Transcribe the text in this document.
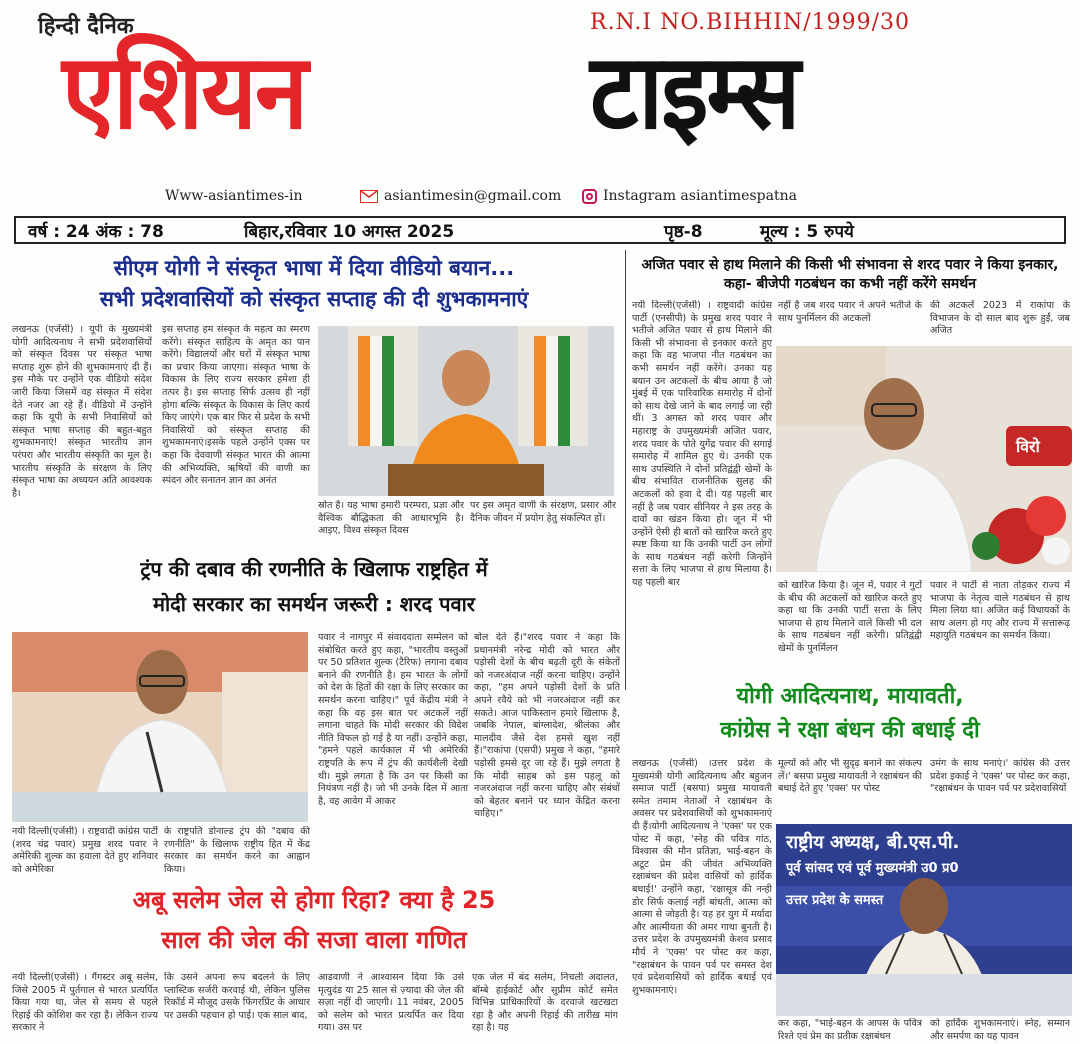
हिन्दी दैनिक	R.N.I NO.BIHHIN/1999/30
एशियन	टाइम्स
Www-asiantimes-in	asiantimesin@gmail.com	Instagram asiantimespatna
वर्ष : 24 अंक : 78	बिहार,रविवार 10 अगस्त 2025	पृष्ठ-8	मूल्य : 5 रुपये
सीएम योगी ने संस्कृत भाषा में दिया वीडियो बयान...
सभी प्रदेशवासियों को संस्कृत सप्ताह की दी शुभकामनाएं
लखनऊ (एजेंसी) । यूपी के मुख्यमंत्री योगी आदित्यनाथ ने सभी प्रदेशवासियों को संस्कृत दिवस पर संस्कृत भाषा सप्ताह शुरू होने की शुभकामनाएं दी हैं। इस मौके पर उन्होंने एक वीडियो संदेश जारी किया जिसमें वह संस्कृत में संदेश देते नजर आ रहे हैं। वीडियो में उन्होंने कहा कि यूपी के सभी निवासियों को संस्कृत भाषा सप्ताह की बहुत-बहुत शुभकामनाएं! संस्कृत भारतीय ज्ञान परंपरा और भारतीय संस्कृति का मूल है। भारतीय संस्कृति के संरक्षण के लिए संस्कृत भाषा का अध्ययन अति आवश्यक है।
इस सप्ताह हम संस्कृत के महत्व का स्मरण करेंगे। संस्कृत साहित्य के अमृत का पान करेंगे। विद्यालयों और घरों में संस्कृत भाषा का प्रचार किया जाएगा। संस्कृत भाषा के विकास के लिए राज्य सरकार हमेशा ही तत्पर है। इस सप्ताह सिर्फ उत्सव ही नहीं होगा बल्कि संस्कृत के विकास के लिए कार्य किए जाएंगे। एक बार फिर से प्रदेश के सभी निवासियों को संस्कृत सप्ताह की शुभकामनाएं।इसके पहले उन्होंने एक्स पर कहा कि देववाणी संस्कृत भारत की आत्मा की अभिव्यक्ति, ऋषियों की वाणी का स्पंदन और सनातन ज्ञान का अनंत
स्रोत है। यह भाषा हमारी परम्परा, प्रज्ञा और वैश्विक बौद्धिकता की आधारभूमि है। आइए, विश्व संस्कृत दिवस
पर इस अमृत वाणी के संरक्षण, प्रसार और दैनिक जीवन में प्रयोग हेतु संकल्पित हों।
अजित पवार से हाथ मिलाने की किसी भी संभावना से शरद पवार ने किया इनकार, कहा- बीजेपी गठबंधन का कभी नहीं करेंगे समर्थन
नयी दिल्ली(एजेंसी) । राष्ट्रवादी कांग्रेस पार्टी (एनसीपी) के प्रमुख शरद पवार ने भतीजे अजित पवार से हाथ मिलाने की किसी भी संभावना से इनकार करते हुए कहा कि वह भाजपा नीत गठबंधन का कभी समर्थन नहीं करेंगे। उनका यह बयान उन अटकलों के बीच आया है जो मुंबई में एक पारिवारिक समारोह में दोनों को साथ देखे जाने के बाद लगाई जा रही थीं। 3 अगस्त को शरद पवार और महाराष्ट्र के उपमुख्यमंत्री अजित पवार, शरद पवार के पोते युगेंद्र पवार की सगाई समारोह में शामिल हुए थे। उनकी एक साथ उपस्थिति ने दोनों प्रतिद्वंद्वी खेमों के बीच संभावित राजनीतिक सुलह की अटकलों को हवा दे दी। यह पहली बार नहीं है जब पवार सीनियर ने इस तरह के दावों का खंडन किया हो। जून में भी उन्होंने ऐसी ही बातों को खारिज करते हुए स्पष्ट किया था कि उनकी पार्टी उन लोगों के साथ गठबंधन नहीं करेगी जिन्होंने सत्ता के लिए भाजपा से हाथ मिलाया है।यह पहली बार
नहीं है जब शरद पवार ने अपने भतीजे के साथ पुनर्मिलन की अटकलों
की अटकलें 2023 में राकांपा के विभाजन के दो साल बाद शुरू हुईं, जब अजित
विरो
को खारिज किया है। जून में, पवार ने गुटों के बीच की अटकलों को खारिज करते हुए कहा था कि उनकी पार्टी सत्ता के लिए भाजपा से हाथ मिलाने वाले किसी भी दल के साथ गठबंधन नहीं करेगी। प्रतिद्वंद्वी खेमों के पुनर्मिलन
पवार ने पार्टी से नाता तोड़कर राज्य में भाजपा के नेतृत्व वाले गठबंधन से हाथ मिला लिया था। अजित कई विधायकों के साथ अलग हो गए और राज्य में सत्तारूढ़ महायुति गठबंधन का समर्थन किया।
ट्रंप की दबाव की रणनीति के खिलाफ राष्ट्रहित में
मोदी सरकार का समर्थन जरूरी : शरद पवार
पवार ने नागपुर में संवाददाता सम्मेलन को संबोधित करते हुए कहा, "भारतीय वस्तुओं पर 50 प्रतिशत शुल्क (टैरिफ) लगाना दबाव बनाने की रणनीति है। हम भारत के लोगों को देश के हितों की रक्षा के लिए सरकार का समर्थन करना चाहिए।" पूर्व केंद्रीय मंत्री ने कहा कि वह इस बात पर अटकलें नहीं लगाना चाहते कि मोदी सरकार की विदेश नीति विफल हो गई है या नहीं। उन्होंने कहा, "हमने पहले कार्यकाल में भी अमेरिकी राष्ट्रपति के रूप में ट्रंप की कार्यशैली देखी थी। मुझे लगता है कि उन पर किसी का नियंत्रण नहीं है। जो भी उनके दिल में आता है, वह आवेग में आकर
बोल देते हैं।"शरद पवार ने कहा कि प्रधानमंत्री नरेन्द्र मोदी को भारत और पड़ोसी देशों के बीच बढ़ती दूरी के संकेतों को नजरअंदाज नहीं करना चाहिए। उन्होंने कहा, "हम अपने पड़ोसी देशों के प्रति अपने रवैये को भी नजरअंदाज नहीं कर सकते। आज पाकिस्तान हमारे खिलाफ है, जबकि नेपाल, बांग्लादेश, श्रीलंका और मालदीव जैसे देश हमसे खुश नहीं हैं।"राकांपा (एसपी) प्रमुख ने कहा, "हमारे पड़ोसी हमसे दूर जा रहे हैं। मुझे लगता है कि मोदी साहब को इस पहलू को नजरअंदाज नहीं करना चाहिए और संबंधों को बेहतर बनाने पर ध्यान केंद्रित करना चाहिए।"
नयी दिल्ली(एजेंसी) । राष्ट्रवादी कांग्रेस पार्टी (शरद चंद्र पवार) प्रमुख शरद पवार ने अमेरिकी शुल्क का हवाला देते हुए शनिवार को अमेरिका
के राष्ट्रपति डोनाल्ड ट्रंप की "दबाव की रणनीति" के खिलाफ राष्ट्रीय हित में केंद्र सरकार का समर्थन करने का आह्वान किया।
योगी आदित्यनाथ, मायावती,
कांग्रेस ने रक्षा बंधन की बधाई दी
लखनऊ (एजेंसी) ।उत्तर प्रदेश के मुख्यमंत्री योगी आदित्यनाथ और बहुजन समाज पार्टी (बसपा) प्रमुख मायावती समेत तमाम नेताओं ने रक्षाबंधन के अवसर पर प्रदेशवासियों को शुभकामनाएं दी हैं।योगी आदित्यनाथ ने 'एक्स' पर एक पोस्ट में कहा, 'स्नेह की पवित्र गांठ, विश्वास की मौन प्रतिज्ञा, भाई-बहन के अटूट प्रेम की जीवंत अभिव्यक्ति रक्षाबंधन की प्रदेश वासियों को हार्दिक बधाई!' उन्होंने कहा, 'रक्षासूत्र की नन्ही डोर सिर्फ कलाई नहीं बांधती, आत्मा को आत्मा से जोड़ती है। यह हर युग में मर्यादा और आत्मीयता की अमर गाथा बुनती है। उत्तर प्रदेश के उपमुख्यमंत्री केशव प्रसाद मौर्य ने 'एक्स' पर पोस्ट कर कहा, "रक्षाबंधन के पावन पर्व पर समस्त देश एवं प्रदेशवासियों को हार्दिक बधाई एवं शुभकामनाएं।
मूल्यों को और भी सुदृढ़ बनाने का संकल्प लें।' बसपा प्रमुख मायावती ने रक्षाबंधन की बधाई देते हुए 'एक्स' पर पोस्ट
उमंग के साथ मनाएं।' कांग्रेस की उत्तर प्रदेश इकाई ने 'एक्स' पर पोस्ट कर कहा, "रक्षाबंधन के पावन पर्व पर प्रदेशवासियों
राष्ट्रीय अध्यक्ष, बी.एस.पी.
पूर्व सांसद एवं पूर्व मुख्यमंत्री उ0 प्र0
उत्तर प्रदेश के समस्त
कर कहा, "भाई-बहन के आपस के पवित्र रिश्ते एवं प्रेम का प्रतीक रक्षाबंधन
को हार्दिक शुभकामनाएं। स्नेह, सम्मान और समर्पण का यह पावन
अबू सलेम जेल से होगा रिहा? क्या है 25
साल की जेल की सजा वाला गणित
नयी दिल्ली(एजेंसी) । गैंगस्टर अबू सलेम, जिसे 2005 में पुर्तगाल से भारत प्रत्यर्पित किया गया था, जेल से समय से पहले रिहाई की कोशिश कर रहा है। लेकिन राज्य सरकार ने
कि उसने अपना रूप बदलने के लिए प्लास्टिक सर्जरी करवाई थी, लेकिन पुलिस रिकॉर्ड में मौजूद उसके फिंगरप्रिंट के आधार पर उसकी पहचान हो पाई। एक साल बाद,
आडवाणी ने आश्वासन दिया कि उसे मृत्युदंड या 25 साल से ज़्यादा की जेल की सज़ा नहीं दी जाएगी। 11 नवंबर, 2005 को सलेम को भारत प्रत्यर्पित कर दिया गया। उस पर
एक जेल में बंद सलेम, निचली अदालत, बॉम्बे हाईकोर्ट और सुप्रीम कोर्ट समेत विभिन्न प्राधिकारियों के दरवाजे खटखटा रहा है और अपनी रिहाई की तारीख़ मांग रहा है। यह
